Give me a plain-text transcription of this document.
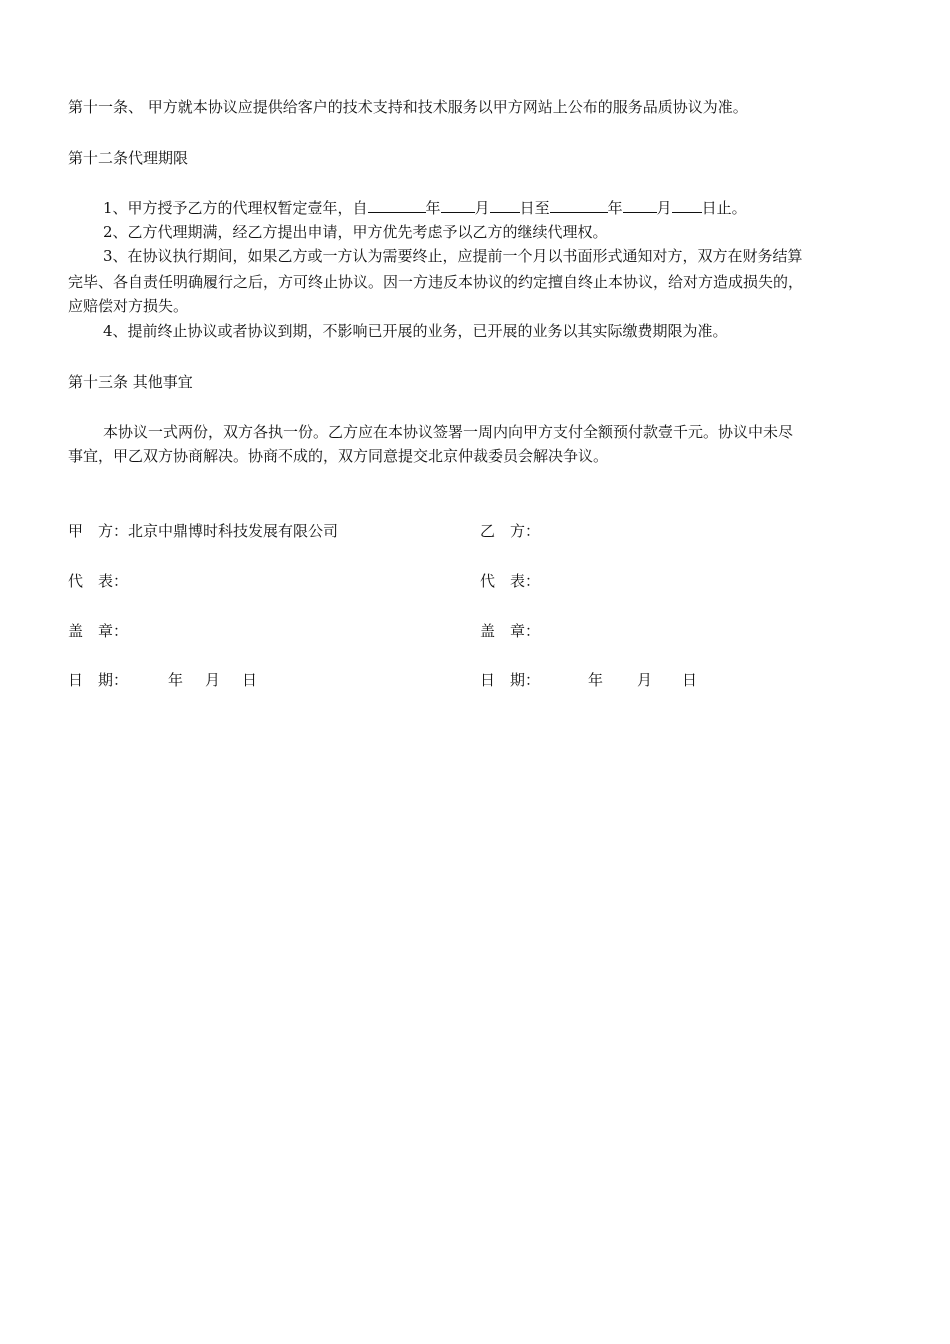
第十一条、 甲方就本协议应提供给客户的技术支持和技术服务以甲方网站上公布的服务品质协议为准。
第十二条代理期限
1、甲方授予乙方的代理权暂定壹年，自	年 月 日至	年 月 日止。
2、乙方代理期满，经乙方提出申请，甲方优先考虑予以乙方的继续代理权。
3、在协议执行期间，如果乙方或一方认为需要终止，应提前一个月以书面形式通知对方，双方在财务结算
完毕、各自责任明确履行之后，方可终止协议。因一方违反本协议的约定擅自终止本协议，给对方造成损失的，
应赔偿对方损失。
4、提前终止协议或者协议到期，不影响已开展的业务，已开展的业务以其实际缴费期限为准。
第十三条 其他事宜
本协议一式两份，双方各执一份。乙方应在本协议签署一周内向甲方支付全额预付款壹千元。协议中未尽
事宜，甲乙双方协商解决。协商不成的，双方同意提交北京仲裁委员会解决争议。
甲　方：北京中鼎博时科技发展有限公司
代　表：
盖　章：
日　期：	年 月 日
乙　方：
代　表：
盖　章：
日　期：	年 月 日
